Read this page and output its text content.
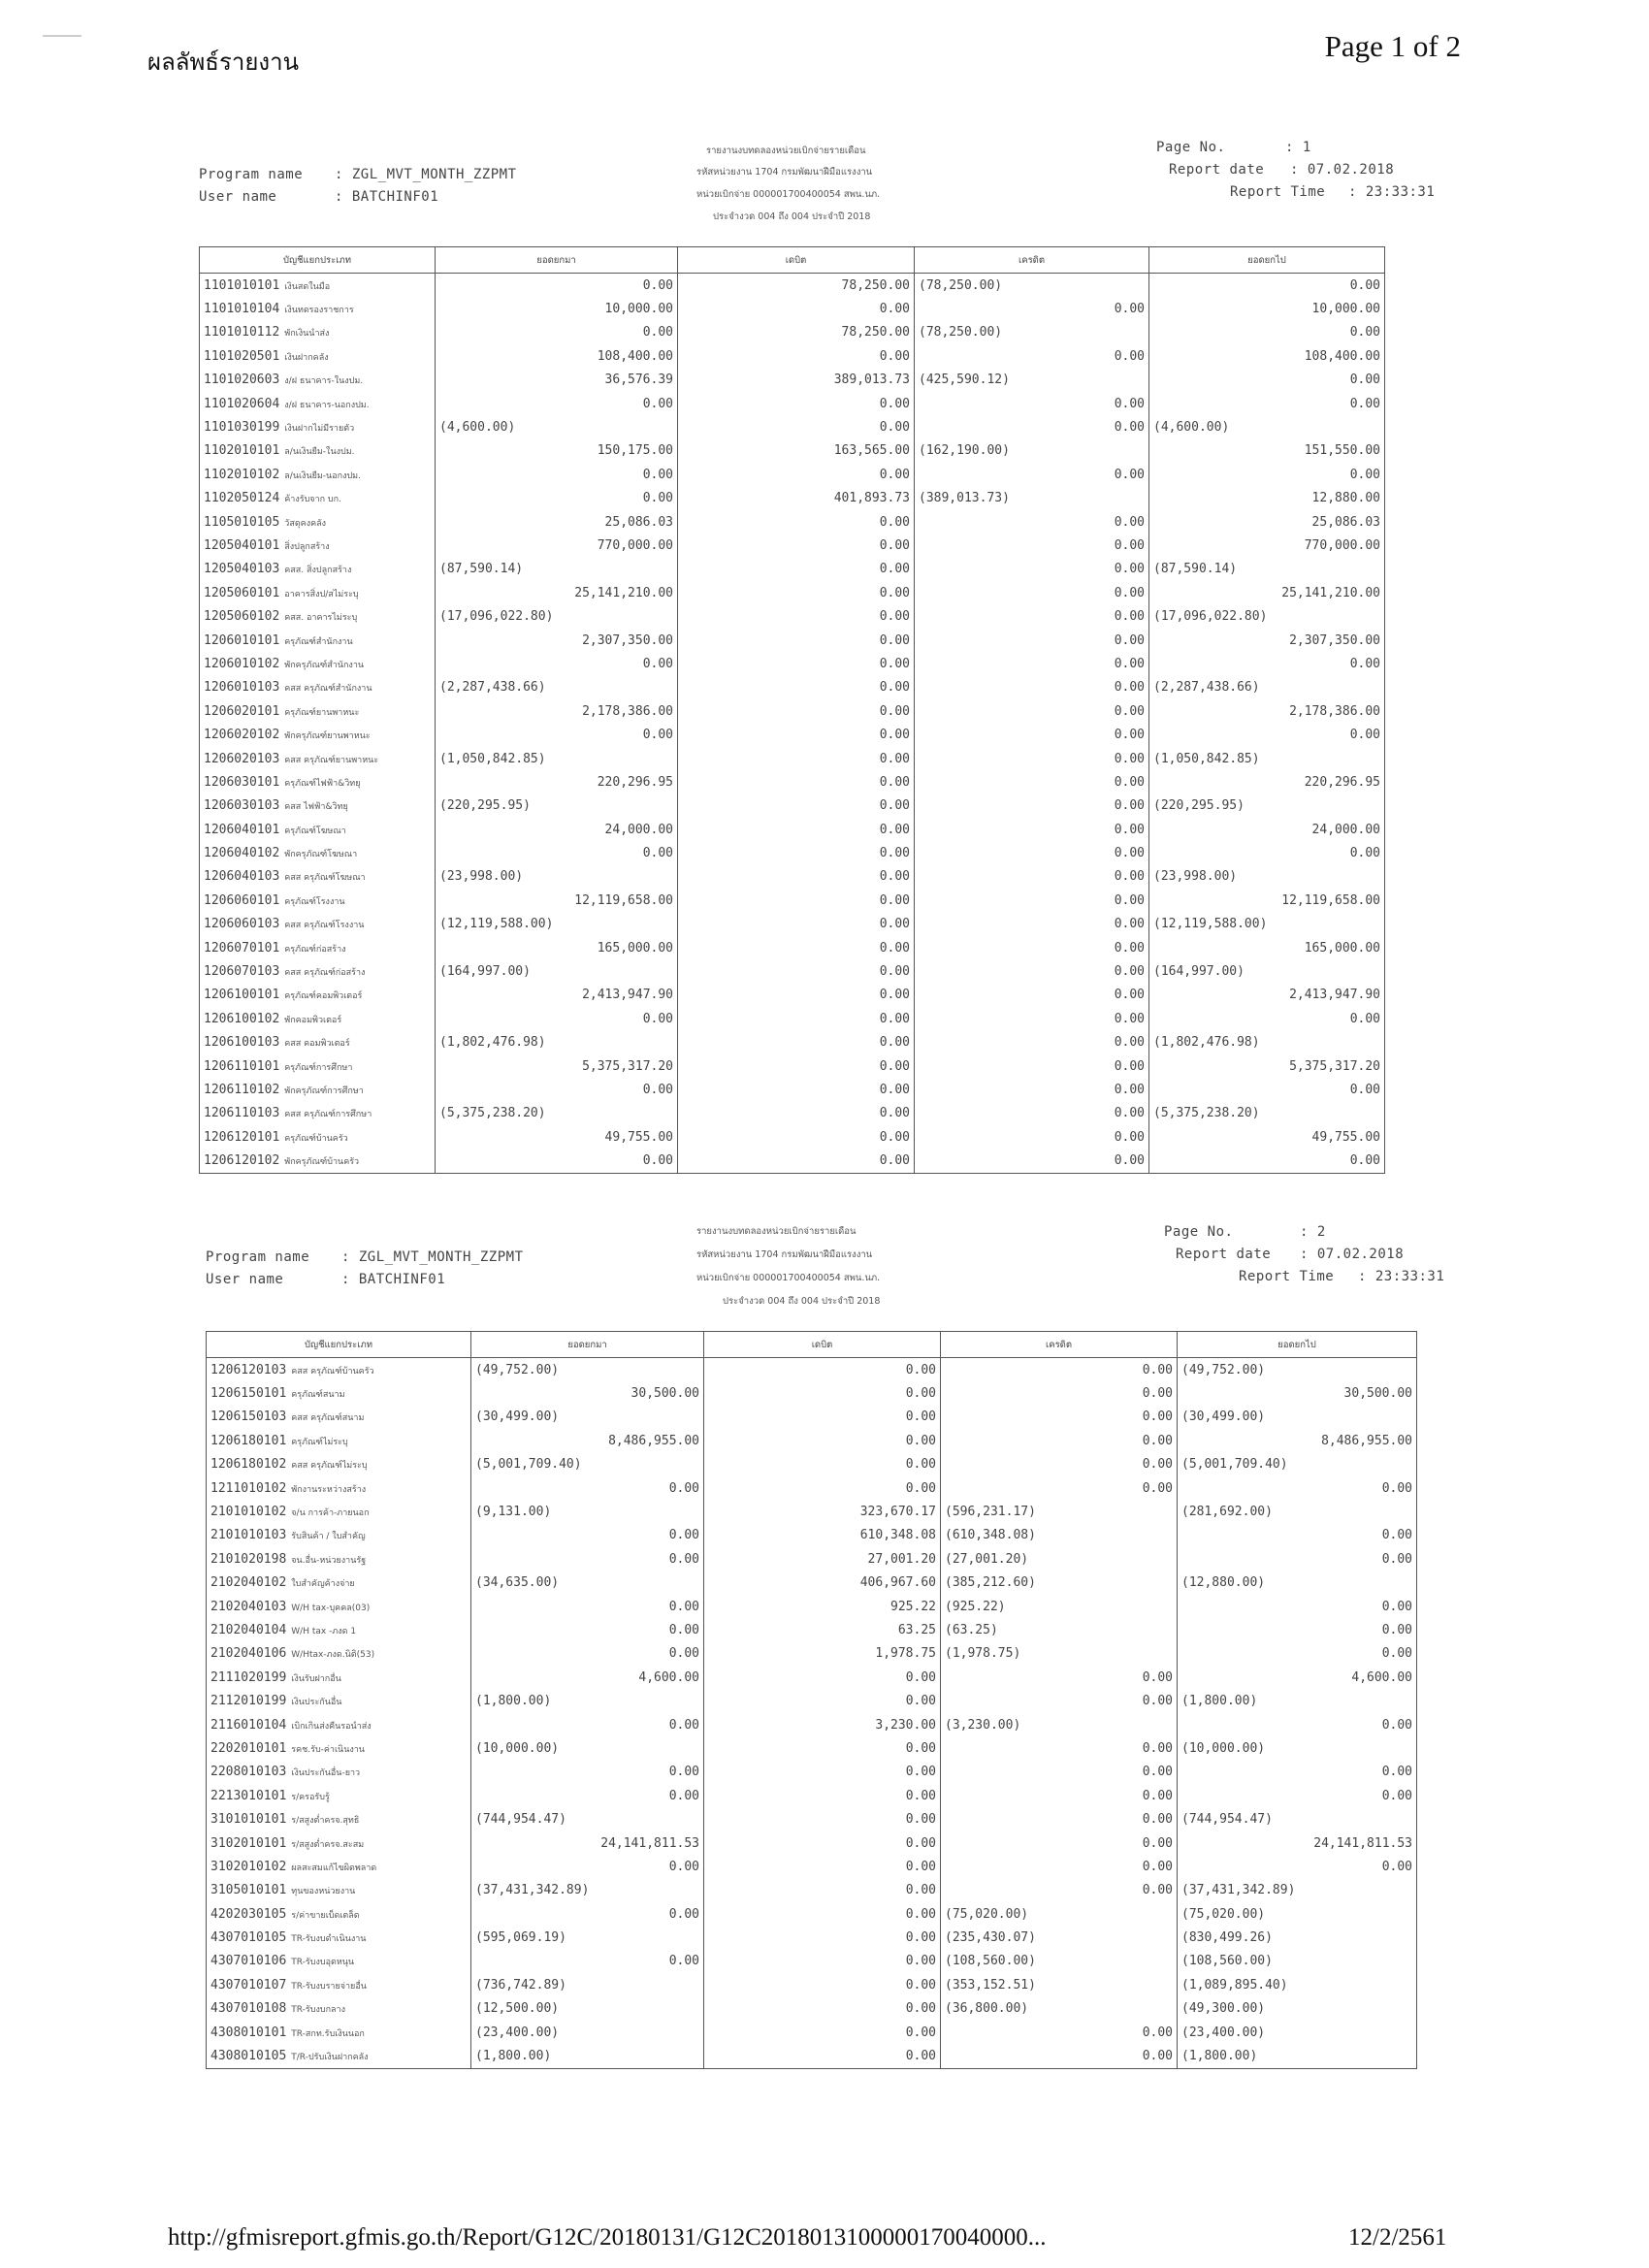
ผลลัพธ์รายงาน	Page 1 of 2
Program name : ZGL_MVT_MONTH_ZZPMT
User name	: BATCHINF01
รายงานงบทดลองหน่วยเบิกจ่ายรายเดือน
รหัสหน่วยงาน 1704 กรมพัฒนาฝีมือแรงงาน
หน่วยเบิกจ่าย 000001700400054 สพน.นภ.
ประจำงวด 004 ถึง 004 ประจำปี 2018
Page No.	: 1
Report date : 07.02.2018
Report Time : 23:33:31
บัญชีแยกประเภท	ยอดยกมา	เดบิต	เครดิต	ยอดยกไป
1101010101 เงินสดในมือ	0.00	78,250.00	(78,250.00)	0.00
1101010104 เงินทดรองราชการ	10,000.00	0.00	0.00	10,000.00
1101010112 พักเงินนำส่ง	0.00	78,250.00	(78,250.00)	0.00
1101020501 เงินฝากคลัง	108,400.00	0.00	0.00	108,400.00
1101020603 ง/ฝ ธนาคาร-ในงปม.	36,576.39	389,013.73	(425,590.12)	0.00
1101020604 ง/ฝ ธนาคาร-นอกงปม.	0.00	0.00	0.00	0.00
1101030199 เงินฝากไม่มีรายตัว	(4,600.00)	0.00	0.00	(4,600.00)
1102010101 ล/นเงินยืม-ในงปม.	150,175.00	163,565.00	(162,190.00)	151,550.00
1102010102 ล/นเงินยืม-นอกงปม.	0.00	0.00	0.00	0.00
1102050124 ค้างรับจาก บก.	0.00	401,893.73	(389,013.73)	12,880.00
1105010105 วัสดุคงคลัง	25,086.03	0.00	0.00	25,086.03
1205040101 สิ่งปลูกสร้าง	770,000.00	0.00	0.00	770,000.00
1205040103 คสส. สิ่งปลูกสร้าง	(87,590.14)	0.00	0.00	(87,590.14)
1205060101 อาคารสิ่งป/สไม่ระบุ	25,141,210.00	0.00	0.00	25,141,210.00
1205060102 คสส. อาคารไม่ระบุ	(17,096,022.80)	0.00	0.00	(17,096,022.80)
1206010101 ครุภัณฑ์สำนักงาน	2,307,350.00	0.00	0.00	2,307,350.00
1206010102 พักครุภัณฑ์สำนักงาน	0.00	0.00	0.00	0.00
1206010103 คสส ครุภัณฑ์สำนักงาน	(2,287,438.66)	0.00	0.00	(2,287,438.66)
1206020101 ครุภัณฑ์ยานพาหนะ	2,178,386.00	0.00	0.00	2,178,386.00
1206020102 พักครุภัณฑ์ยานพาหนะ	0.00	0.00	0.00	0.00
1206020103 คสส ครุภัณฑ์ยานพาหนะ	(1,050,842.85)	0.00	0.00	(1,050,842.85)
1206030101 ครุภัณฑ์ไฟฟ้า&วิทยุ	220,296.95	0.00	0.00	220,296.95
1206030103 คสส ไฟฟ้า&วิทยุ	(220,295.95)	0.00	0.00	(220,295.95)
1206040101 ครุภัณฑ์โฆษณา	24,000.00	0.00	0.00	24,000.00
1206040102 พักครุภัณฑ์โฆษณา	0.00	0.00	0.00	0.00
1206040103 คสส ครุภัณฑ์โฆษณา	(23,998.00)	0.00	0.00	(23,998.00)
1206060101 ครุภัณฑ์โรงงาน	12,119,658.00	0.00	0.00	12,119,658.00
1206060103 คสส ครุภัณฑ์โรงงาน	(12,119,588.00)	0.00	0.00	(12,119,588.00)
1206070101 ครุภัณฑ์ก่อสร้าง	165,000.00	0.00	0.00	165,000.00
1206070103 คสส ครุภัณฑ์ก่อสร้าง	(164,997.00)	0.00	0.00	(164,997.00)
1206100101 ครุภัณฑ์คอมพิวเตอร์	2,413,947.90	0.00	0.00	2,413,947.90
1206100102 พักคอมพิวเตอร์	0.00	0.00	0.00	0.00
1206100103 คสส คอมพิวเตอร์	(1,802,476.98)	0.00	0.00	(1,802,476.98)
1206110101 ครุภัณฑ์การศึกษา	5,375,317.20	0.00	0.00	5,375,317.20
1206110102 พักครุภัณฑ์การศึกษา	0.00	0.00	0.00	0.00
1206110103 คสส ครุภัณฑ์การศึกษา	(5,375,238.20)	0.00	0.00	(5,375,238.20)
1206120101 ครุภัณฑ์บ้านครัว	49,755.00	0.00	0.00	49,755.00
1206120102 พักครุภัณฑ์บ้านครัว	0.00	0.00	0.00	0.00
Program name : ZGL_MVT_MONTH_ZZPMT
User name	: BATCHINF01
รายงานงบทดลองหน่วยเบิกจ่ายรายเดือน
รหัสหน่วยงาน 1704 กรมพัฒนาฝีมือแรงงาน
หน่วยเบิกจ่าย 000001700400054 สพน.นภ.
ประจำงวด 004 ถึง 004 ประจำปี 2018
Page No.	: 2
Report date : 07.02.2018
Report Time : 23:33:31
บัญชีแยกประเภท	ยอดยกมา	เดบิต	เครดิต	ยอดยกไป
1206120103 คสส ครุภัณฑ์บ้านครัว	(49,752.00)	0.00	0.00	(49,752.00)
1206150101 ครุภัณฑ์สนาม	30,500.00	0.00	0.00	30,500.00
1206150103 คสส ครุภัณฑ์สนาม	(30,499.00)	0.00	0.00	(30,499.00)
1206180101 ครุภัณฑ์ไม่ระบุ	8,486,955.00	0.00	0.00	8,486,955.00
1206180102 คสส ครุภัณฑ์ไม่ระบุ	(5,001,709.40)	0.00	0.00	(5,001,709.40)
1211010102 พักงานระหว่างสร้าง	0.00	0.00	0.00	0.00
2101010102 จ/น การค้า-ภายนอก	(9,131.00)	323,670.17	(596,231.17)	(281,692.00)
2101010103 รับสินค้า / ใบสำคัญ	0.00	610,348.08	(610,348.08)	0.00
2101020198 จน.อื่น-หน่วยงานรัฐ	0.00	27,001.20	(27,001.20)	0.00
2102040102 ใบสำคัญค้างจ่าย	(34,635.00)	406,967.60	(385,212.60)	(12,880.00)
2102040103 W/H tax-บุคคล(03)	0.00	925.22	(925.22)	0.00
2102040104 W/H tax -ภงด 1	0.00	63.25	(63.25)	0.00
2102040106 W/Htax-ภงด.นิติ(53)	0.00	1,978.75	(1,978.75)	0.00
2111020199 เงินรับฝากอื่น	4,600.00	0.00	0.00	4,600.00
2112010199 เงินประกันอื่น	(1,800.00)	0.00	0.00	(1,800.00)
2116010104 เบิกเกินส่งคืนรอนำส่ง	0.00	3,230.00	(3,230.00)	0.00
2202010101 รคช.รับ-ค่าเนินงาน	(10,000.00)	0.00	0.00	(10,000.00)
2208010103 เงินประกันอื่น-ยาว	0.00	0.00	0.00	0.00
2213010101 ร/ครอรับรู้	0.00	0.00	0.00	0.00
3101010101 ร/สสูงต่ำครจ.สุทธิ	(744,954.47)	0.00	0.00	(744,954.47)
3102010101 ร/สสูงต่ำครจ.สะสม	24,141,811.53	0.00	0.00	24,141,811.53
3102010102 ผลสะสมแก้ไขผิดพลาด	0.00	0.00	0.00	0.00
3105010101 ทุนของหน่วยงาน	(37,431,342.89)	0.00	0.00	(37,431,342.89)
4202030105 ร/ค่าขายเบ็ดเตล็ด	0.00	0.00	(75,020.00)	(75,020.00)
4307010105 TR-รับงบดำเนินงาน	(595,069.19)	0.00	(235,430.07)	(830,499.26)
4307010106 TR-รับงบอุดหนุน	0.00	0.00	(108,560.00)	(108,560.00)
4307010107 TR-รับงบรายจ่ายอื่น	(736,742.89)	0.00	(353,152.51)	(1,089,895.40)
4307010108 TR-รับงบกลาง	(12,500.00)	0.00	(36,800.00)	(49,300.00)
4308010101 TR-สกท.รับเงินนอก	(23,400.00)	0.00	0.00	(23,400.00)
4308010105 T/R-ปรับเงินฝากคลัง	(1,800.00)	0.00	0.00	(1,800.00)
http://gfmisreport.gfmis.go.th/Report/G12C/20180131/G12C2018013100000170040000...	12/2/2561
